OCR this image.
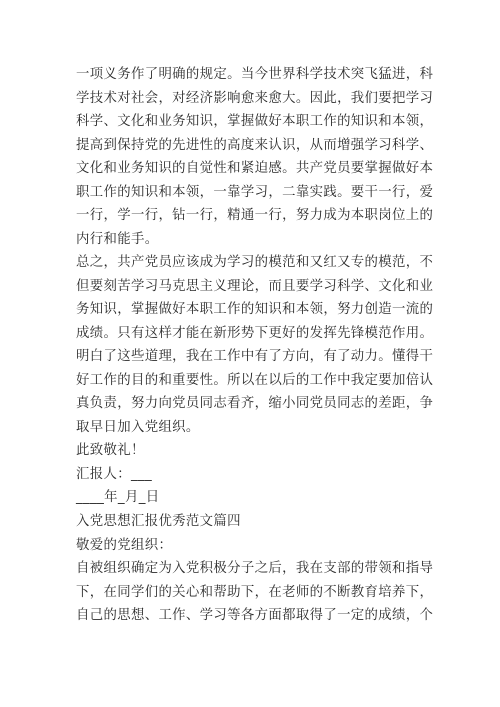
一项义务作了明确的规定。当今世界科学技术突飞猛进，科
学技术对社会，对经济影响愈来愈大。因此，我们要把学习
科学、文化和业务知识，掌握做好本职工作的知识和本领，
提高到保持党的先进性的高度来认识，从而增强学习科学、
文化和业务知识的自觉性和紧迫感。共产党员要掌握做好本
职工作的知识和本领，一靠学习，二靠实践。要干一行，爱
一行，学一行，钻一行，精通一行，努力成为本职岗位上的
内行和能手。
总之，共产党员应该成为学习的模范和又红又专的模范，不
但要刻苦学习马克思主义理论，而且要学习科学、文化和业
务知识，掌握做好本职工作的知识和本领，努力创造一流的
成绩。只有这样才能在新形势下更好的发挥先锋模范作用。
明白了这些道理，我在工作中有了方向，有了动力。懂得干
好工作的目的和重要性。所以在以后的工作中我定要加倍认
真负责，努力向党员同志看齐，缩小同党员同志的差距，争
取早日加入党组织。
此致敬礼！
汇报人：___
____年_月_日
入党思想汇报优秀范文篇四
敬爱的党组织：
自被组织确定为入党积极分子之后，我在支部的带领和指导
下，在同学们的关心和帮助下，在老师的不断教育培养下，
自己的思想、工作、学习等各方面都取得了一定的成绩，个
